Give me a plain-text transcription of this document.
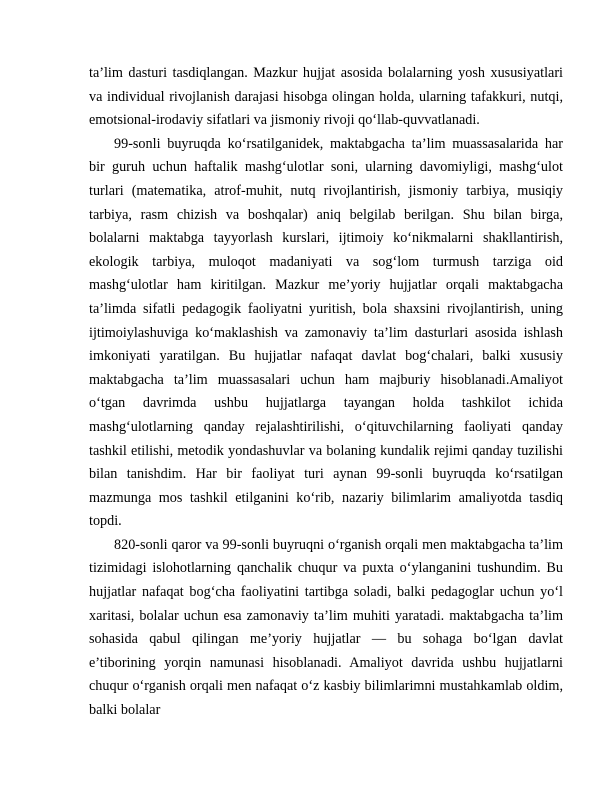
ta’lim dasturi tasdiqlangan. Mazkur hujjat asosida bolalarning yosh xususiyatlari va individual rivojlanish darajasi hisobga olingan holda, ularning tafakkuri, nutqi, emotsional-irodaviy sifatlari va jismoniy rivoji qo‘llab-quvvatlanadi.

99-sonli buyruqda ko‘rsatilganidek, maktabgacha ta’lim muassasalarida har bir guruh uchun haftalik mashg‘ulotlar soni, ularning davomiyligi, mashg‘ulot turlari (matematika, atrof-muhit, nutq rivojlantirish, jismoniy tarbiya, musiqiy tarbiya, rasm chizish va boshqalar) aniq belgilab berilgan. Shu bilan birga, bolalarni maktabga tayyorlash kurslari, ijtimoiy ko‘nikmalarni shakllantirish, ekologik tarbiya, muloqot madaniyati va sog‘lom turmush tarziga oid mashg‘ulotlar ham kiritilgan. Mazkur me’yoriy hujjatlar orqali maktabgacha ta’limda sifatli pedagogik faoliyatni yuritish, bola shaxsini rivojlantirish, uning ijtimoiylashuviga ko‘maklashish va zamonaviy ta’lim dasturlari asosida ishlash imkoniyati yaratilgan. Bu hujjatlar nafaqat davlat bog‘chalari, balki xususiy maktabgacha ta’lim muassasalari uchun ham majburiy hisoblanadi.Amaliyot o‘tgan davrimda ushbu hujjatlarga tayangan holda tashkilot ichida mashg‘ulotlarning qanday rejalashtirilishi, o‘qituvchilarning faoliyati qanday tashkil etilishi, metodik yondashuvlar va bolaning kundalik rejimi qanday tuzilishi bilan tanishdim. Har bir faoliyat turi aynan 99-sonli buyruqda ko‘rsatilgan mazmunga mos tashkil etilganini ko‘rib, nazariy bilimlarim amaliyotda tasdiq topdi.

820-sonli qaror va 99-sonli buyruqni o‘rganish orqali men maktabgacha ta’lim tizimidagi islohotlarning qanchalik chuqur va puxta o‘ylanganini tushundim. Bu hujjatlar nafaqat bog‘cha faoliyatini tartibga soladi, balki pedagoglar uchun yo‘l xaritasi, bolalar uchun esa zamonaviy ta’lim muhiti yaratadi. maktabgacha ta’lim sohasida qabul qilingan me’yoriy hujjatlar — bu sohaga bo‘lgan davlat e’tiborining yorqin namunasi hisoblanadi. Amaliyot davrida ushbu hujjatlarni chuqur o‘rganish orqali men nafaqat o‘z kasbiy bilimlarimni mustahkamlab oldim, balki bolalar
